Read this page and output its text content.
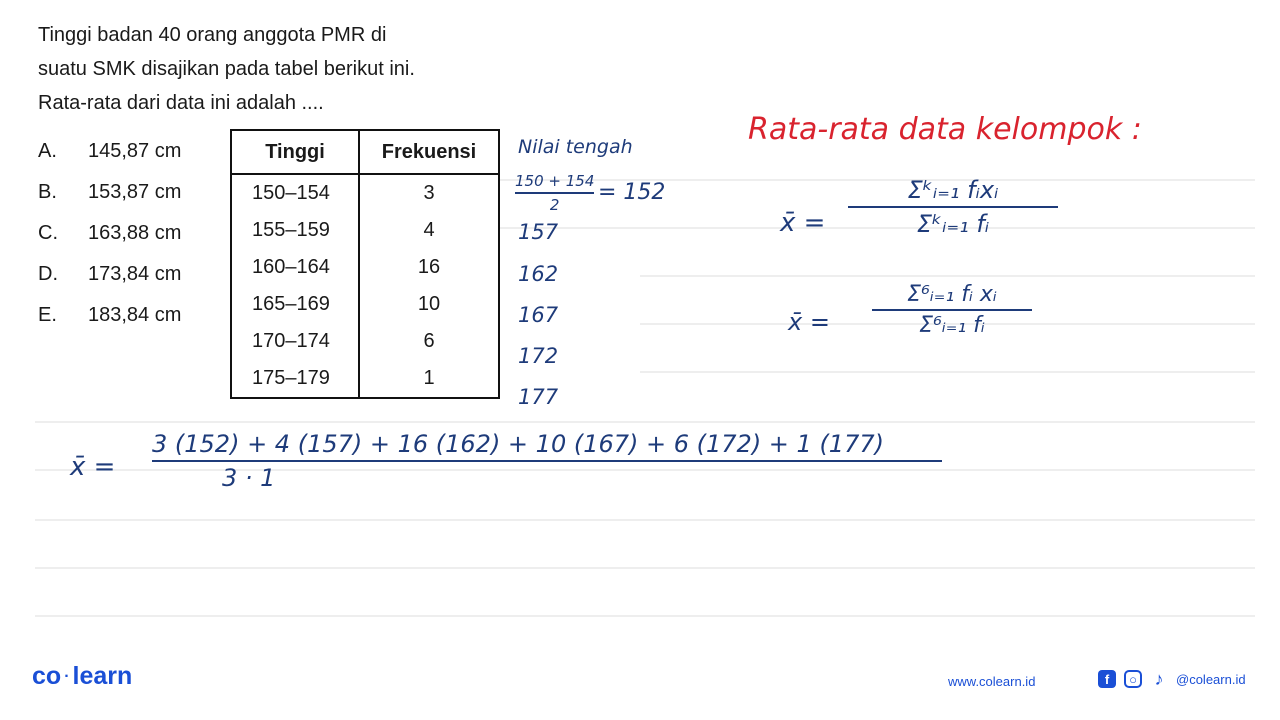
Tinggi badan 40 orang anggota PMR di

suatu SMK disajikan pada tabel berikut ini.

Rata-rata dari data ini adalah ....

A.	145,87 cm
B.	153,87 cm
C.	163,88 cm
D.	173,84 cm
E.	183,84 cm
Tinggi	Frekuensi
150–154	3
155–159	4
160–164	16
165–169	10
170–174	6
175–179	1
Nilai tengah
150 + 154
2 = 152
157
162
167
172
177
Rata-rata data kelompok :
x̄ =
Σᵏᵢ₌₁ fᵢxᵢ
Σᵏᵢ₌₁ fᵢ
x̄ =
Σ⁶ᵢ₌₁ fᵢ xᵢ
Σ⁶ᵢ₌₁ fᵢ
x̄ =
3 (152) + 4 (157) + 16 (162) + 10 (167) + 6 (172) + 1 (177)
3 · 1
co · learn	www.colearn.id	f	○ ♪ @colearn.id
